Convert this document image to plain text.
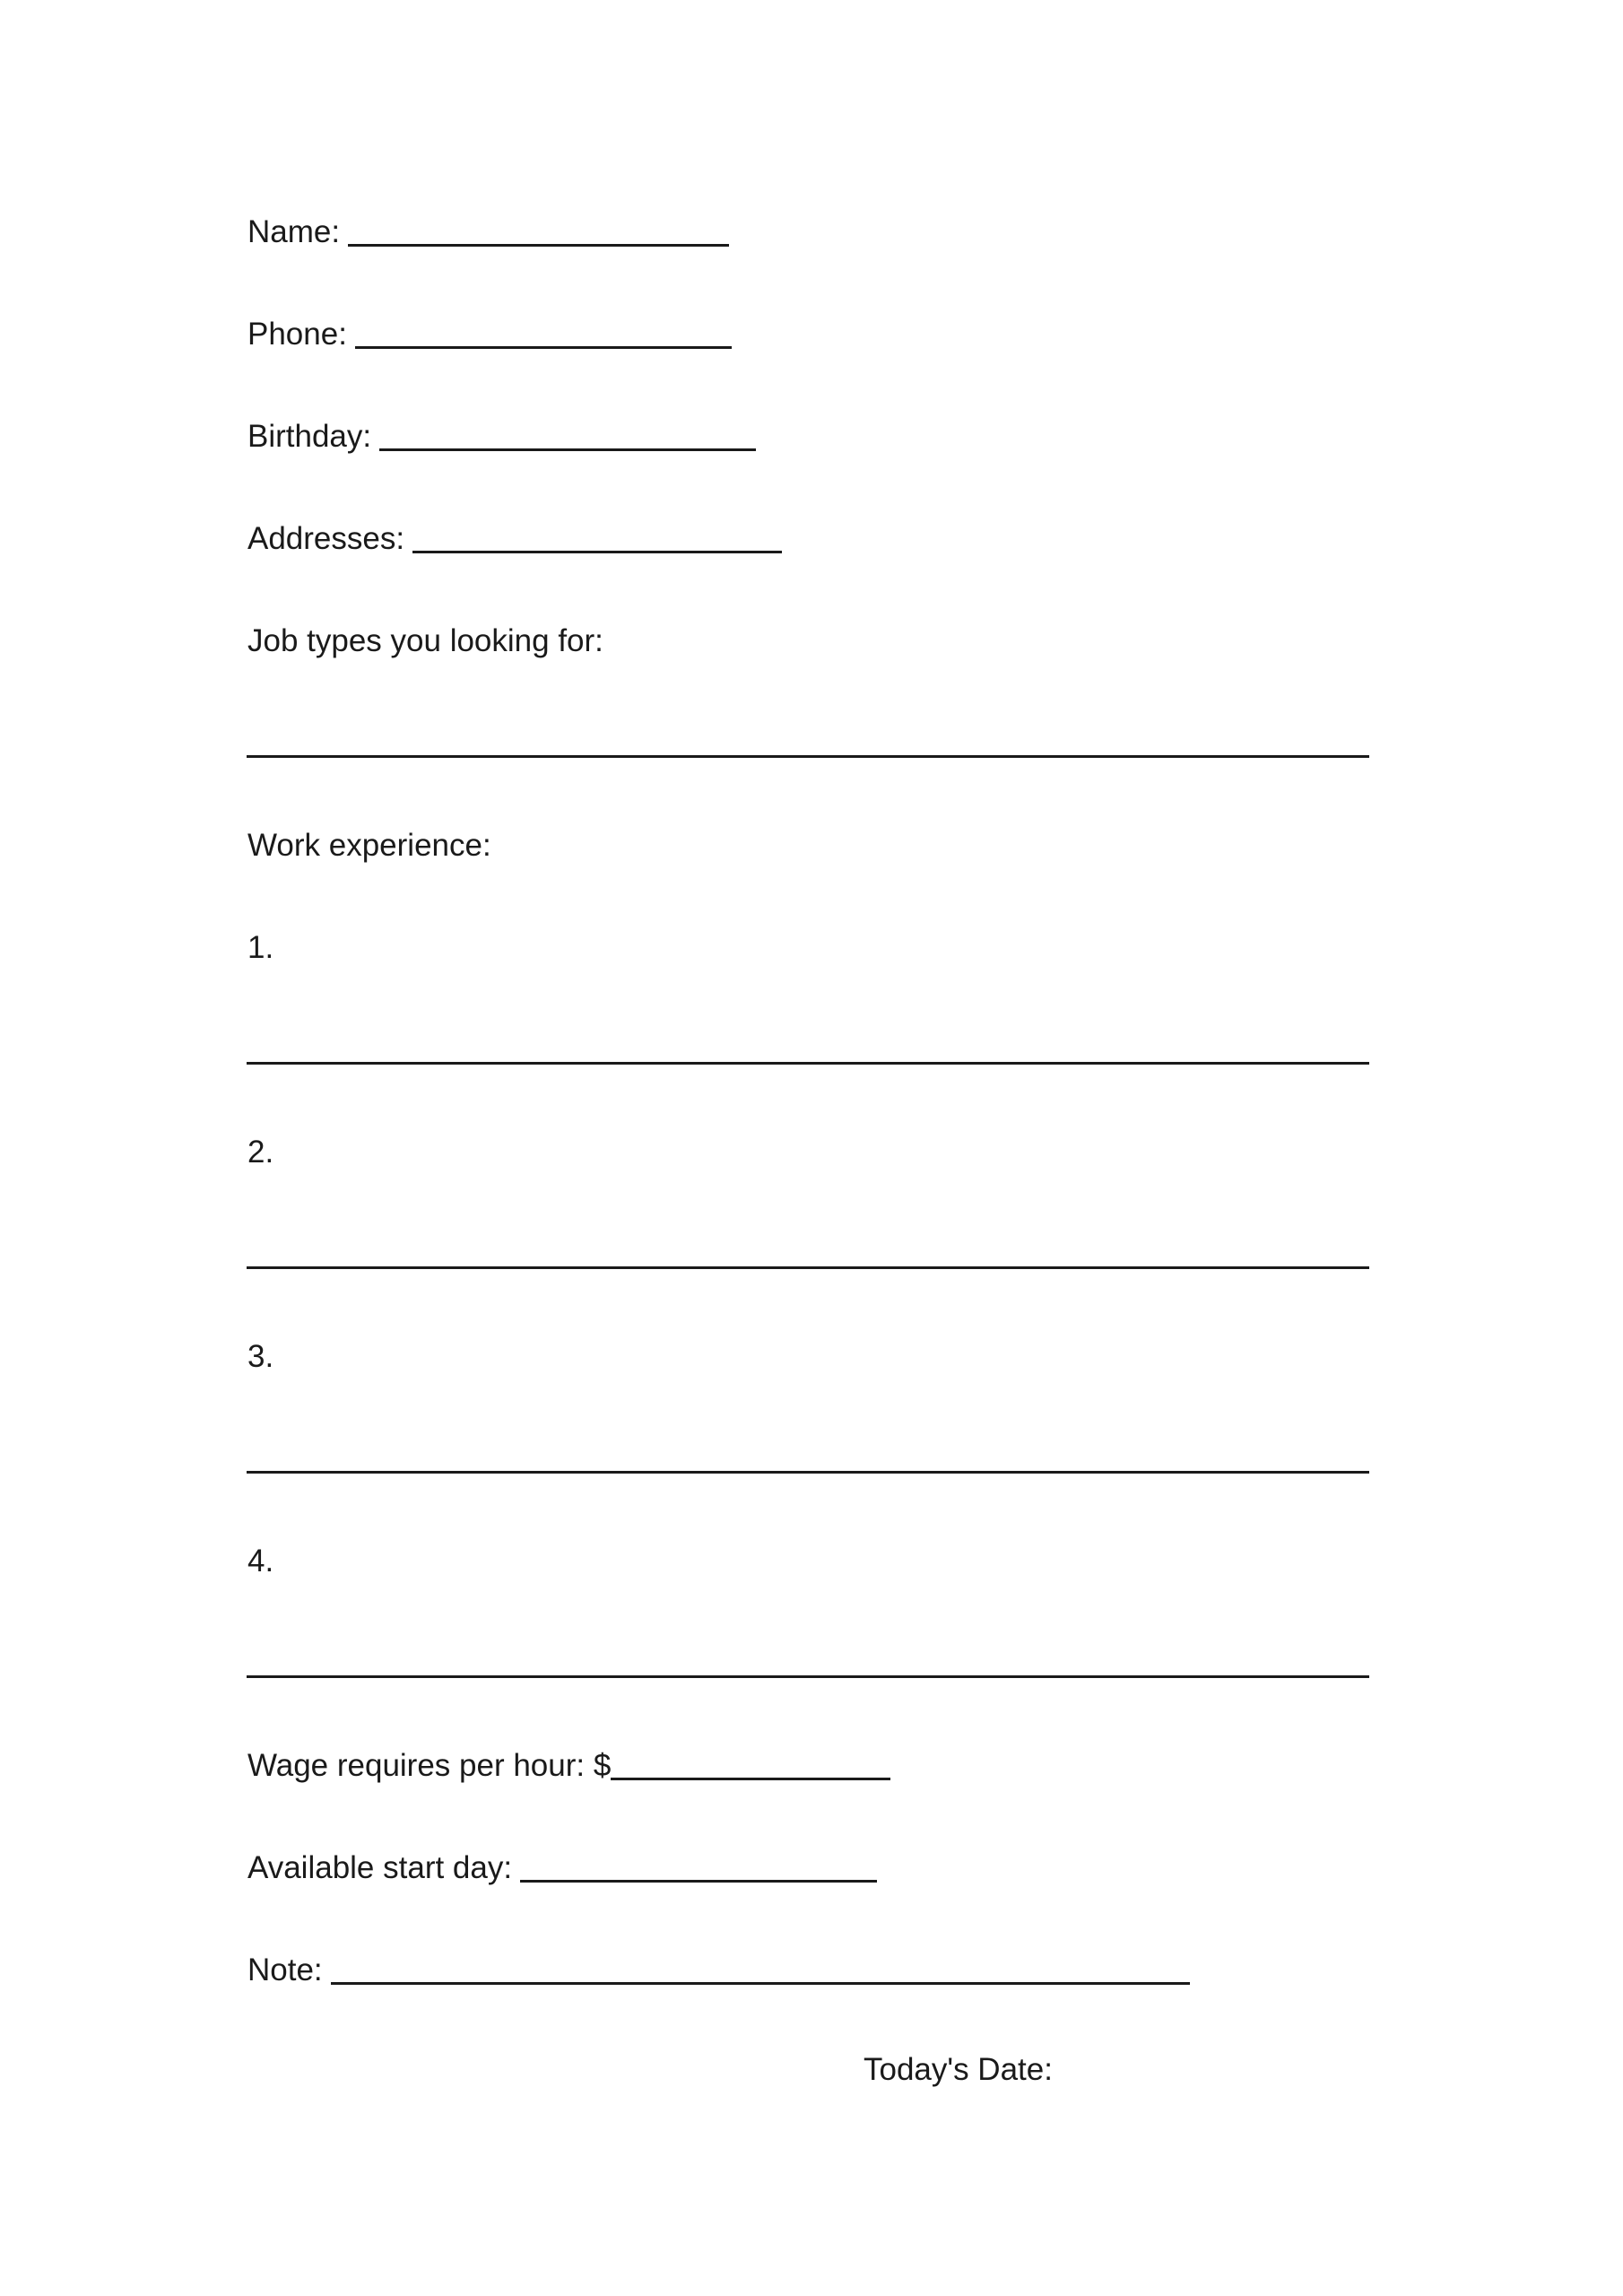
Name:
Phone:
Birthday:
Addresses:
Job types you looking for:
Work experience:
1.
2.
3.
4.
Wage requires per hour: $
Available start day:
Note:
Today's Date:
